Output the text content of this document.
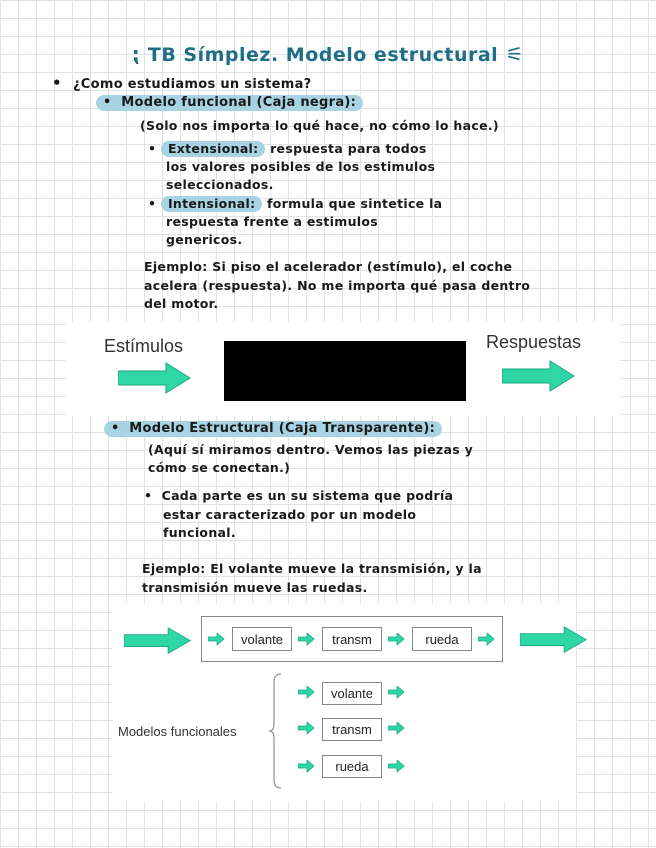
⁏ TB Símplez. Modelo estructural ⚟
•  ¿Como estudiamos un sistema?
•  Modelo funcional (Caja negra):
(Solo nos importa lo qué hace, no cómo lo hace.)
• Extensional: respuesta para todos
los valores posibles de los estimulos
seleccionados.
• Intensional: formula que sintetice la
respuesta frente a estimulos
genericos.
Ejemplo: Si piso el acelerador (estímulo), el coche
acelera (respuesta). No me importa qué pasa dentro
del motor.
Estímulos	Respuestas
•  Modelo Estructural (Caja Transparente):
(Aquí sí miramos dentro. Vemos las piezas y
cómo se conectan.)
•  Cada parte es un su sistema que podría
estar caracterizado por un modelo
funcional.
Ejemplo: El volante mueve la transmisión, y la
transmisión mueve las ruedas.
volante	transm	rueda
Modelos funcionales
volante
transm
rueda
